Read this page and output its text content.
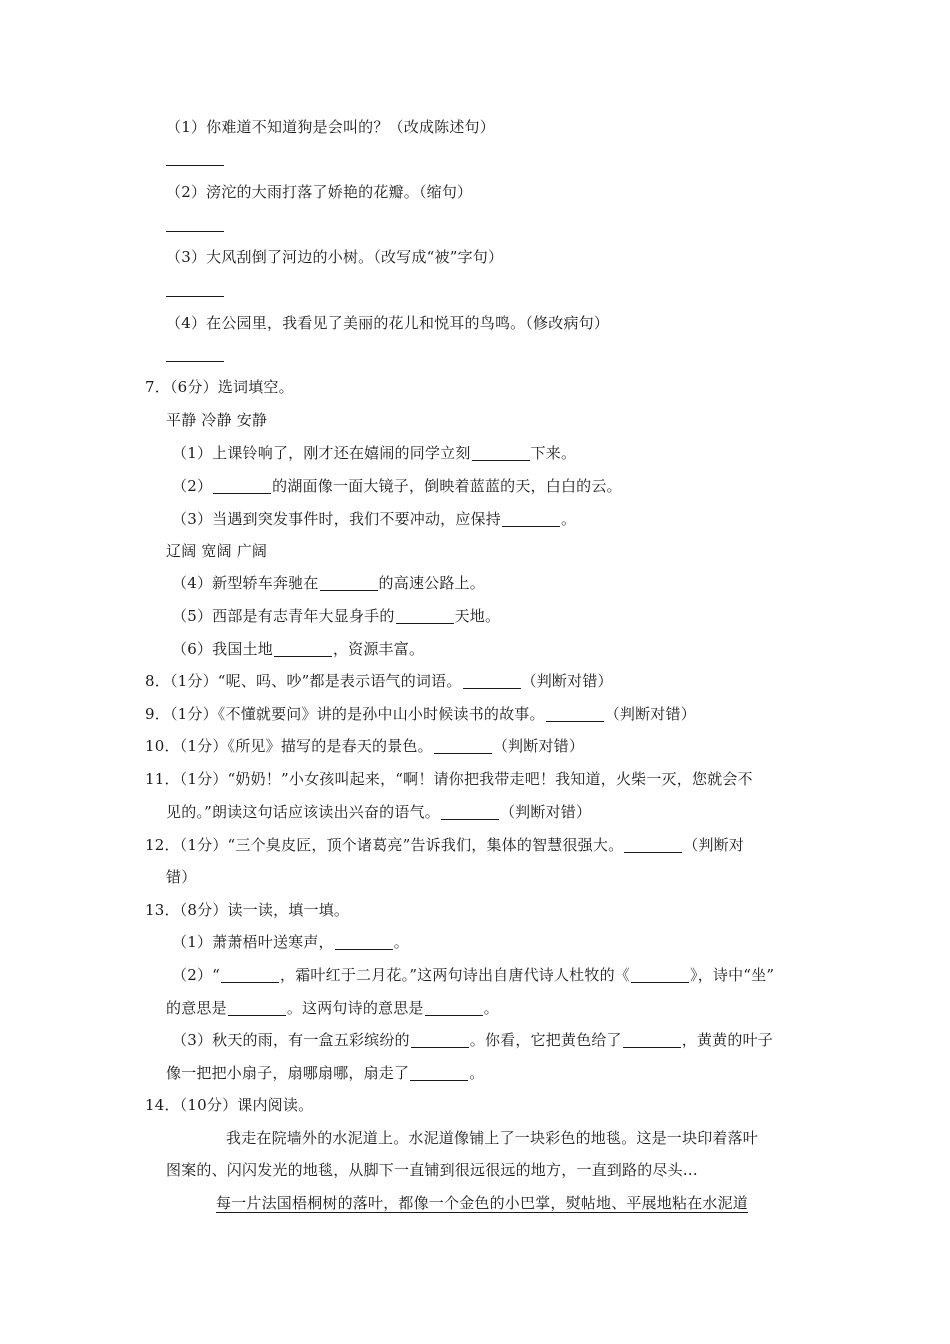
（1）你难道不知道狗是会叫的？（改成陈述句）
（2）滂沱的大雨打落了娇艳的花瓣。（缩句）
（3）大风刮倒了河边的小树。（改写成“被”字句）
（4）在公园里，我看见了美丽的花儿和悦耳的鸟鸣。（修改病句）
7．（6分）选词填空。
平静 冷静 安静
（1）上课铃响了，刚才还在嬉闹的同学立刻	下来。
（2）	的湖面像一面大镜子，倒映着蓝蓝的天，白白的云。
（3）当遇到突发事件时，我们不要冲动，应保持	。
辽阔 宽阔 广阔
（4）新型轿车奔驰在	的高速公路上。
（5）西部是有志青年大显身手的	天地。
（6）我国土地	，资源丰富。
8．（1分）“呢、吗、吵”都是表示语气的词语。	（判断对错）
9．（1分）《不懂就要问》讲的是孙中山小时候读书的故事。	（判断对错）
10．（1分）《所见》描写的是春天的景色。	（判断对错）
11．（1分）“奶奶！”小女孩叫起来，“啊！请你把我带走吧！我知道，火柴一灭，您就会不
见的。”朗读这句话应该读出兴奋的语气。	（判断对错）
12．（1分）“三个臭皮匠，顶个诸葛亮”告诉我们，集体的智慧很强大。	（判断对
错）
13．（8分）读一读，填一填。
（1）萧萧梧叶送寒声，	。
（2）“	，霜叶红于二月花。”这两句诗出自唐代诗人杜牧的《	》，诗中“坐”
的意思是	。这两句诗的意思是	。
（3）秋天的雨，有一盒五彩缤纷的	。你看，它把黄色给了	，黄黄的叶子
像一把把小扇子，扇哪扇哪，扇走了	。
14．（10分）课内阅读。
我走在院墙外的水泥道上。水泥道像铺上了一块彩色的地毯。这是一块印着落叶
图案的、闪闪发光的地毯，从脚下一直铺到很远很远的地方，一直到路的尽头…
每一片法国梧桐树的落叶，都像一个金色的小巴掌，熨帖地、平展地粘在水泥道
